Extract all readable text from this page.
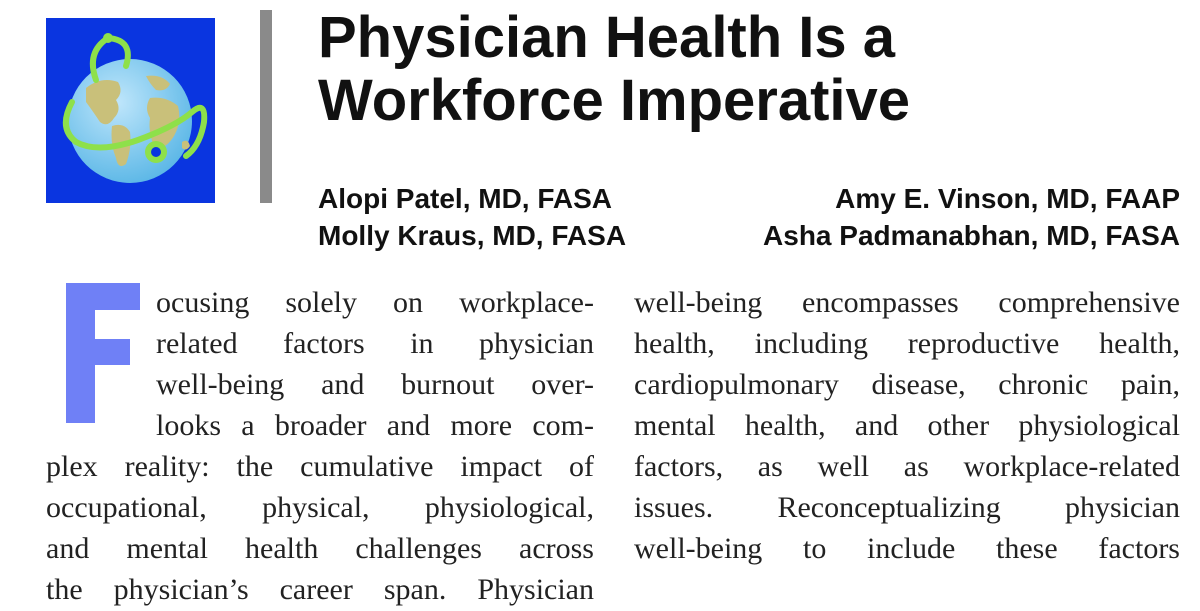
Physician Health Is a
Workforce Imperative
Alopi Patel, MD, FASA	Amy E. Vinson, MD, FAAP
Molly Kraus, MD, FASA	Asha Padmanabhan, MD, FASA
ocusing solely on workplace-
related factors in physician
well-being and burnout over-
looks a broader and more com-
plex reality: the cumulative impact of
occupational, physical, physiological,
and mental health challenges across
the physician’s career span. Physician
well-being encompasses comprehensive
health, including reproductive health,
cardiopulmonary disease, chronic pain,
mental health, and other physiological
factors, as well as workplace-related
issues. Reconceptualizing physician
well-being to include these factors
